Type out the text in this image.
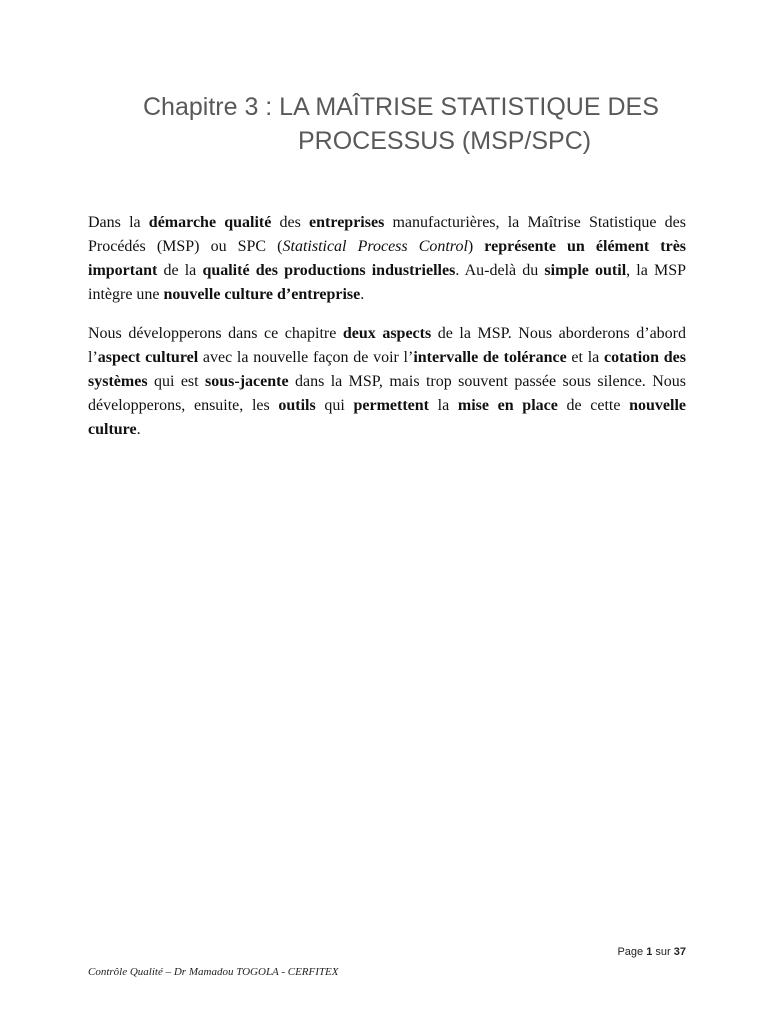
Chapitre 3 : LA MAÎTRISE STATISTIQUE DES
PROCESSUS (MSP/SPC)
Dans la démarche qualité des entreprises manufacturières, la Maîtrise Statistique des Procédés (MSP) ou SPC (Statistical Process Control) représente un élément très important de la qualité des productions industrielles. Au-delà du simple outil, la MSP intègre une nouvelle culture d’entreprise.
Nous développerons dans ce chapitre deux aspects de la MSP. Nous aborderons d’abord l’aspect culturel avec la nouvelle façon de voir l’intervalle de tolérance et la cotation des systèmes qui est sous-jacente dans la MSP, mais trop souvent passée sous silence. Nous développerons, ensuite, les outils qui permettent la mise en place de cette nouvelle culture.
Page 1 sur 37
Contrôle Qualité – Dr Mamadou TOGOLA - CERFITEX
